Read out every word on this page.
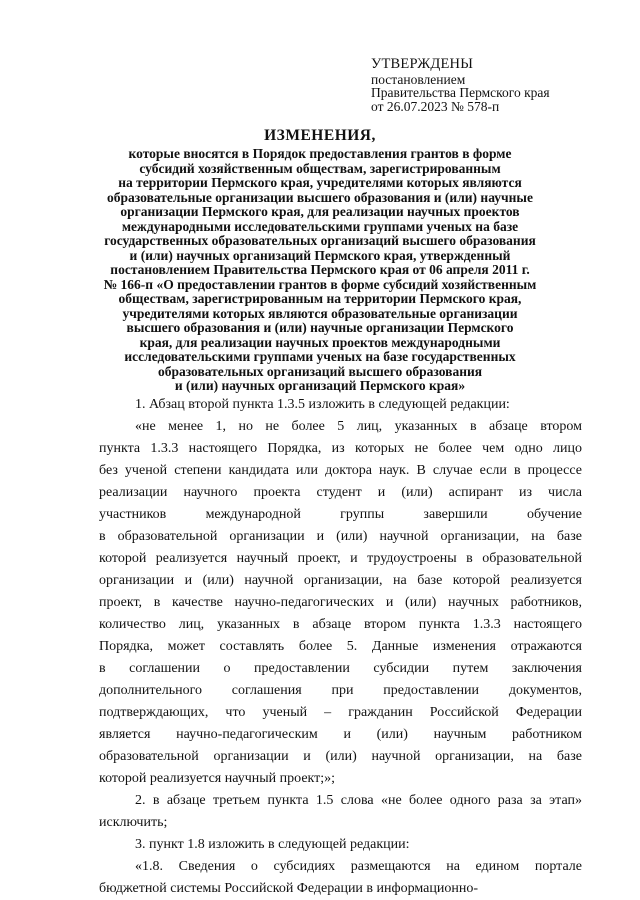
УТВЕРЖДЕНЫ
постановлением
Правительства Пермского края
от 26.07.2023 № 578-п
ИЗМЕНЕНИЯ,
которые вносятся в Порядок предоставления грантов в форме
субсидий хозяйственным обществам, зарегистрированным
на территории Пермского края, учредителями которых являются
образовательные организации высшего образования и (или) научные
организации Пермского края, для реализации научных проектов
международными исследовательскими группами ученых на базе
государственных образовательных организаций высшего образования
и (или) научных организаций Пермского края, утвержденный
постановлением Правительства Пермского края от 06 апреля 2011 г.
№ 166-п «О предоставлении грантов в форме субсидий хозяйственным
обществам, зарегистрированным на территории Пермского края,
учредителями которых являются образовательные организации
высшего образования и (или) научные организации Пермского
края, для реализации научных проектов международными
исследовательскими группами ученых на базе государственных
образовательных организаций высшего образования
и (или) научных организаций Пермского края»
1. Абзац второй пункта 1.3.5 изложить в следующей редакции:
«не менее 1, но не более 5 лиц, указанных в абзаце втором
пункта 1.3.3 настоящего Порядка, из которых не более чем одно лицо
без ученой степени кандидата или доктора наук. В случае если в процессе
реализации научного проекта студент и (или) аспирант из числа
участников международной группы завершили обучение
в образовательной организации и (или) научной организации, на базе
которой реализуется научный проект, и трудоустроены в образовательной
организации и (или) научной организации, на базе которой реализуется
проект, в качестве научно-педагогических и (или) научных работников,
количество лиц, указанных в абзаце втором пункта 1.3.3 настоящего
Порядка, может составлять более 5. Данные изменения отражаются
в соглашении о предоставлении субсидии путем заключения
дополнительного соглашения при предоставлении документов,
подтверждающих, что ученый – гражданин Российской Федерации
является научно-педагогическим и (или) научным работником
образовательной организации и (или) научной организации, на базе
которой реализуется научный проект;»;
2. в абзаце третьем пункта 1.5 слова «не более одного раза за этап»
исключить;
3. пункт 1.8 изложить в следующей редакции:
«1.8. Сведения о субсидиях размещаются на едином портале
бюджетной системы Российской Федерации в информационно-
